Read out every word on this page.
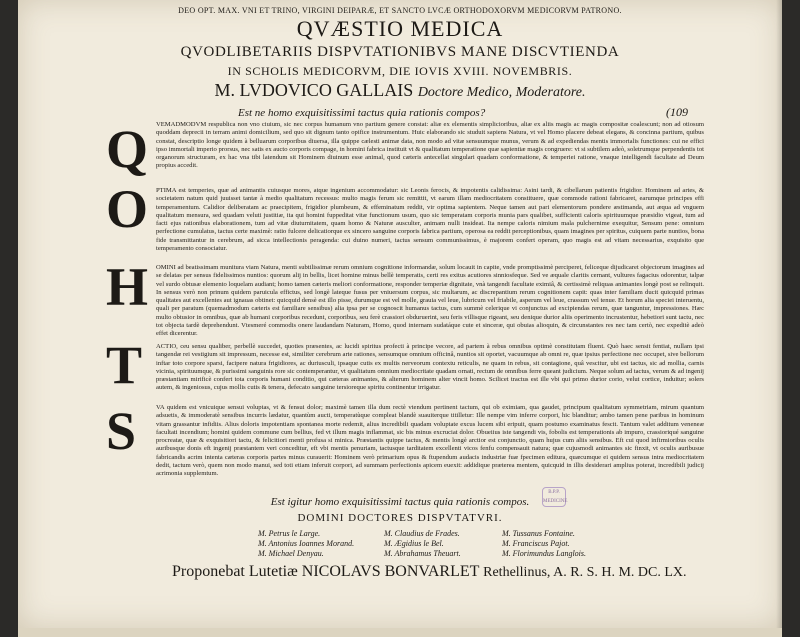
DEO OPT. MAX. VNI ET TRINO, VIRGINI DEIPARÆ, ET SANCTO LVCÆ ORTHODOXORVM MEDICORVM PATRONO.
QVÆSTIO MEDICA
QVODLIBETARIIS DISPVTATIONIBVS MANE DISCVTIENDA
IN SCHOLIS MEDICORVM, DIE IOVIS XVIII. NOVEMBRIS.
M. LVDOVICO GALLAIS Doctore Medico, Moderatore.
Est ne homo exquisitissimi tactus quia rationis compos?	(109
Q VEMADMODVM respublica non vno ciuium, sic nec corpus humanum vno partium genere constat: aliæ ex elementis simplicioribus, aliæ ex aliis magis ac magis compositæ coalescunt; non ad otiosum quoddam deprecii in terram animi domicilium, sed quo sit dignum tanto opifice instrumentum. Huic elaborando sic studuit sapiens Natura, vt vel Homo placere debeat elegans, & concinna partium, quibus constat, descriptio longe quidem à belluarum corporibus diuersa, illa quippe cælesti animæ data, non modo ad vitæ sensuumque munus, verum & ad expediendas mentis immortalis functiones: cui ne effici ipso immortali imperio prorsus, nec satis ex aucto corporis compage, in homini fabrica instituit vt & qualitatum temperatione quæ sapientiæ magis congruere: vt si subtilem adeò, soletrumque perpendentis tot organorum structuram, ex hac vna tibi latendum sit Hominem diuinum esse animal, quod cæteris antecellat singulari quadam conformatione, & temperiei ratione, vnaque intelligendi facultate ad Deum propius accedit.
O PTIMA est temperies, quæ ad animantis cuiusque mores, atque ingenium accommodatur: sic Leonis ferocis, & impotentis calidissima: Asini tardi, & cibellarum patientis frigidior. Hominem ad artes, & societatem natum quid juuisset tantæ à medio qualitatum recessus: multo magis ferum sic remittit, vt earum illam mediocritatem constituere, quæ commode rationi fabricaret, earumque principes effi temperamentum. Calidior deliberatam ac praecipitem, frigidior plumbeum, & effeminatum reddit, vir optima sapientem. Neque tamen aut pari elementorum pondere æstimanda, aut æqua ad vnguem qualitatum mensura, sed quadam veluti justitiæ, ita qui homini fuppeditat vitæ functionum usum, quo sic temperatam corporis munia pars qualibet, sufficienti caloris spirituumque præsidio vigeat, tum ad facti ejus rationibus elaborationem, tum ad vitæ diuturnitatem, quam homo & Naturæ ausculter, animam nulli insideat. Ita nempe caloris nimium mala pulchernime exequitur, Sensum pene: omnium perfectione cumulatus, tactus certe maximè: ratio fulcere delicatiorque ex sincero sanguine corporis fabrica partium, operosa ea reddit perceptionibus, quam imagines per spiritus, cuiquem parte nuntios, bona fide transmittantur in cerebrum, ad sicca intellectionis peragenda: cui duino numeri, tactus sensum communissimus, è majorem confert operam, quo magis est ad vitam necessarius, exquisito que temperamento consociatur.
H OMINI ad beatissimam munitura viam Natura, menti subtilissimæ rerum omnium cognitione informandæ, solum locauit in capite, vnde promptissimè perciperet, feliceque dijudicaret objectorum imagines ad se delatas per sensus fidelissimos nuntios: quorum alij in bellis, licet homine minus bellè temperatis, certi res exitus acutiores sinniosfeque. Sed ve æquale claritis cernant, vultures fagacius odorentur, talpæ vel surdo obtusæ elemento loquelam audiant; homo tamen cæteris meliori conformatione, responder temperiæ dignitate, vnà tangendi facultate eximiâ, & certissimè reliquas animantes longè post se relinquit. In sensus verò non prinum quidem paruicula effictus, sed longè lateque fusus per vniuersum corpus, sic multarum, ac discrepantium rerum cognitionem capit: quas inter familiam ducit quicquid primas qualitates aut excellentes aut ignauas obtinet: quicquid densè est illo pisse, durumque est vel molle, grauia vel leue, lubricum vel friabile, asperum vel leue, crassum vel tenue. Et horum alia speciei interuentu, quali per paratum (quemadmodum cæteris est familiare sensibus) alia ipsa per se cognoscit humanus tactus, cum summè celerique vi conjunctus ad excipiendas rerum, quæ tanguntur, impressiones. Hæc multo obtusior in omnibus, quæ ab humani corporibus recedunt, corporibus, seu ferè crassiori obduruerint, seu feris villisque rigeant, seu denique durior aliis operimento incrustentur, hebetiori sunt tactu, nec tot objecta tardè deprehendunt. Vtesmeré commodis onere laudandam Naturam, Homo, quod internam sudatáque cute et sinceræ, qui obuias alioquin, & circunstantes res nec tam certò, nec expeditè adeò effet dicerentur.
T ACTIO, ceu sensu qualiber, perbellè succedet, quoties præsentes, ac lucidi spiritus profecti à principe vecore, ad partem à rebus omnibus optimè constitutam fluent. Quò haec sensit fentiat, nullam ipsi tangendæ rei vestigium sit impressum, necesse est, similiter cerebrum arte rationes, sensumque omnium officinâ, nuntios sit oportet, vacuumque ab omni re, quæ ipsius perfectione nec occupet, sive bellorum inftar toto corpore sparsi, facipere natura frigidiores, ac duriusculi, ipsaque cutis ex multis nerveorum contextu reticulis, ne quam in rebus, sit contagione, quâ vescitur, ubi est tactus, sic ad mollia, carnis vicinia, spirituumque, & purissimi sanguinis rore sic contemperantur, vt qualitatum omnium mediocritate quadam ornati, rectum de omnibus ferre queant judicium. Neque solum ad tactus, verum & ad ingenij præstantiam mirificè confert tota corporis humani conditio, qui cæteras animantes, & alterum hominem alter vincit homo. Scilicet tractus est ille vbi qui primo durior corio, velut cortice, induitur; solers autem, & ingeniosus, cujus mollis cutis & tenera, defecato sanguine tersioreque spiritu continentur irrigatur.
S	VA quidem est vnicuique sensui voluptas, vt & fensui dolor; maximè tamen illa dum rectè vtendum pertinent tactum, qui ob eximiam, qua gaudet, principum qualitatum symmetriam, mirum quantum adsuetis, & immoderatè sensibus incurris lædatur, quantùm aucti, temperatùque compleat blandè suauiterque titilletur: Ille nempe vim inferre corpori, hic blanditur; ambo tamen pene paribus in hominum vitam grassantur infidiis. Alius doloris impotentiam spontanea morte redemit, alius incredibili quadam voluptate excus lucem sibi eripuit, quam postumo examinatus fescit. Tantum valet additum veneneæ facultati incendium; homini quidem commune cum bellius, fed vt illum magis inflammat, sic bis minus excruciat dolor. Obueiius iste tangendi vis, fobolis est temperationis ab impuro, crassioriqué sanguine procreatæ, quæ & exquisitiori tactu, & felicitiori menti profusa si minica. Præstantis quippe tactus, & mentis longè arctior est conjunctio, quam hujus cum aliis sensibus. Eft cui quod infirmioribus oculis auribusque donis eft ingenij præstantem veri conceditur, eft vbi mentis penuriam, tactusque tarditatem excellenti vicos fenfu compensauit natura; quæ cujusmodi animantes sic finxit, vt oculis auribusue fabricandis acrim intenta cæteras corporis partes minus curauerit: Hominem verò primarium opus & ftupendum audacis industriæ fuæ fpecimen editura, quæcumque ei quidem sensus intra mediocritatem dedit, tactum verò, quem non modo manui, sed toti etiam inferuit corpori, ad summam perfectionis apicem euexit: addidique præterea mentem, quicquid in illis desiderari amplius poterat, incredibili judicij acrimonia supplemtum.
Est igitur homo exquisitissimi tactus quia rationis compos.
B.P.P. MEDICINE
DOMINI DOCTORES DISPVTATVRI.
M. Petrus le Large.
M. Antonius Ioannes Morand.
M. Michael Denyau.
M. Claudius de Frades.
M. Ægidius le Bel.
M. Abrahamus Theuart.
M. Tussanus Fontaine.
M. Franciscus Pajot.
M. Florimundus Langlois.
Proponebat Lutetiæ NICOLAVS BONVARLET Rethellinus, A. R. S. H. M. DC. LX.
